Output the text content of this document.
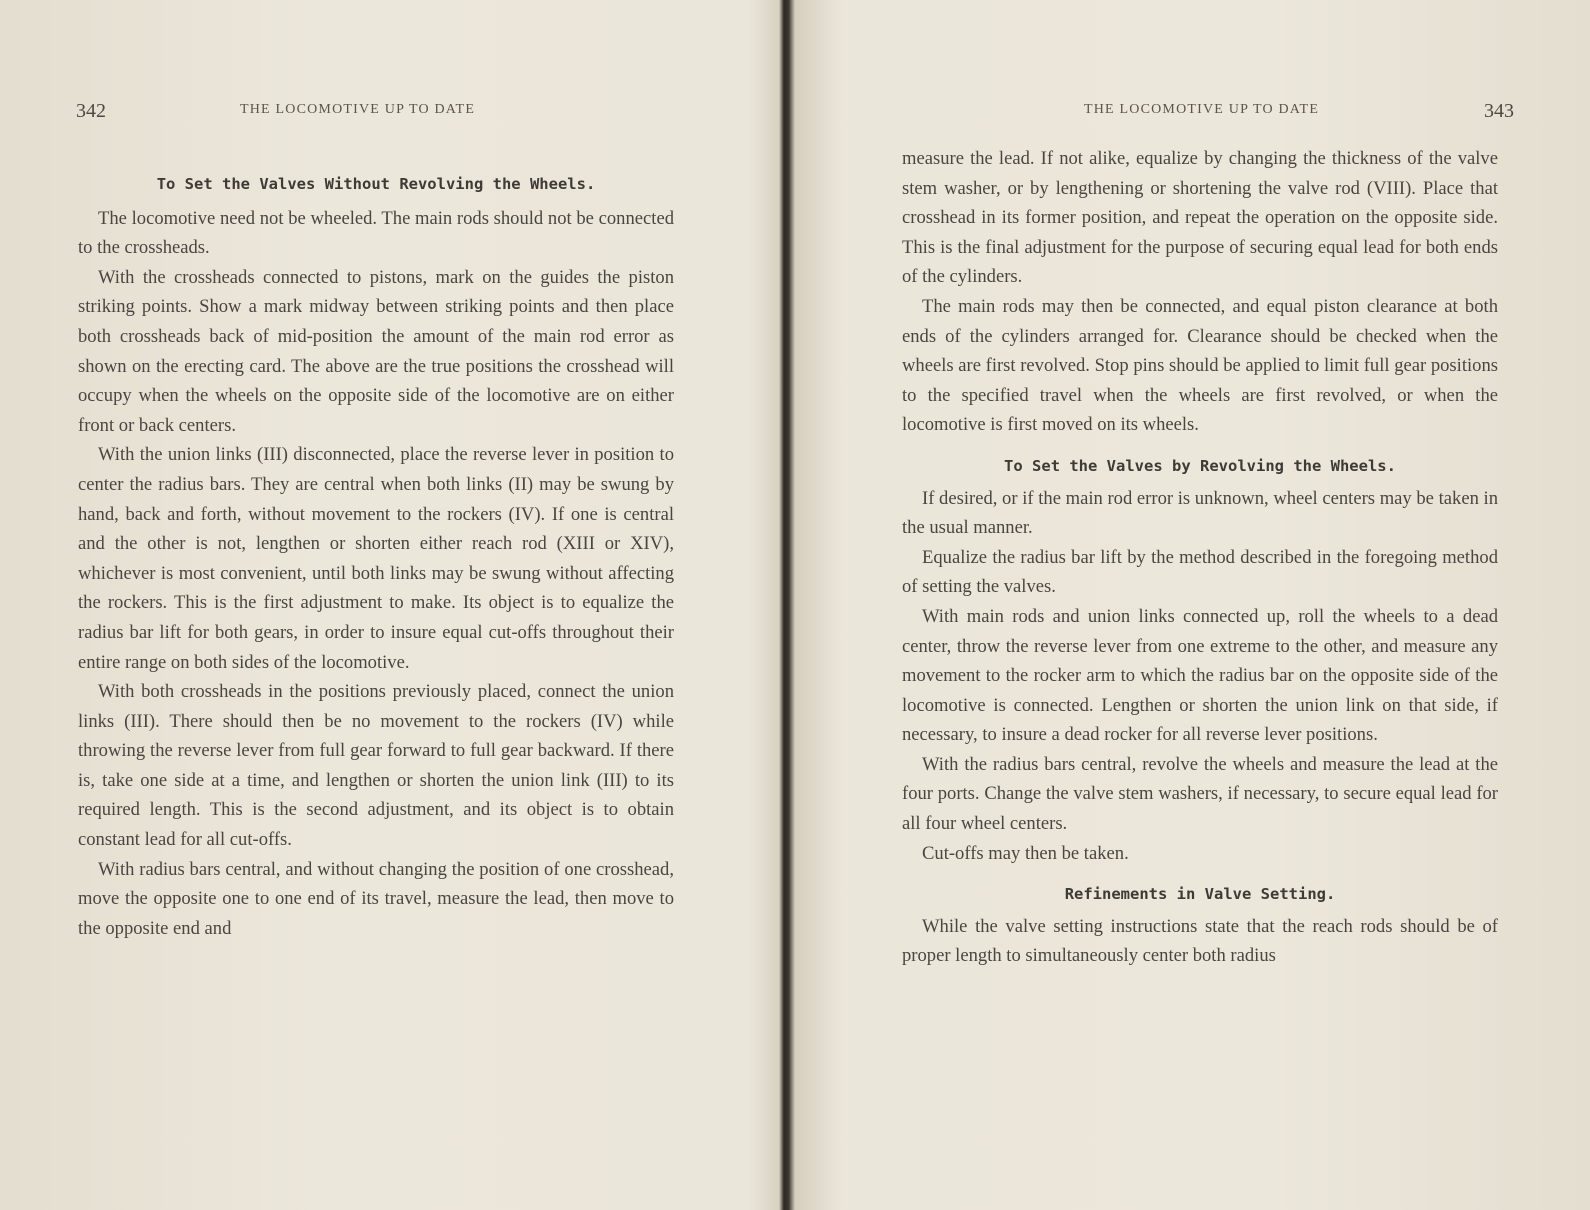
342	THE LOCOMOTIVE UP TO DATE
To Set the Valves Without Revolving the Wheels.

The locomotive need not be wheeled. The main rods should not be connected to the crossheads.

With the crossheads connected to pistons, mark on the guides the piston striking points. Show a mark midway between striking points and then place both crossheads back of mid-position the amount of the main rod error as shown on the erecting card. The above are the true positions the crosshead will occupy when the wheels on the opposite side of the locomotive are on either front or back centers.

With the union links (III) disconnected, place the reverse lever in position to center the radius bars. They are central when both links (II) may be swung by hand, back and forth, without movement to the rockers (IV). If one is central and the other is not, lengthen or shorten either reach rod (XIII or XIV), whichever is most convenient, until both links may be swung without affecting the rockers. This is the first adjustment to make. Its object is to equalize the radius bar lift for both gears, in order to insure equal cut-offs throughout their entire range on both sides of the locomotive.

With both crossheads in the positions previously placed, connect the union links (III). There should then be no movement to the rockers (IV) while throwing the reverse lever from full gear forward to full gear backward. If there is, take one side at a time, and lengthen or shorten the union link (III) to its required length. This is the second adjustment, and its object is to obtain constant lead for all cut-offs.

With radius bars central, and without changing the position of one crosshead, move the opposite one to one end of its travel, measure the lead, then move to the opposite end and

THE LOCOMOTIVE UP TO DATE	343

measure the lead. If not alike, equalize by changing the thickness of the valve stem washer, or by lengthening or shortening the valve rod (VIII). Place that crosshead in its former position, and repeat the operation on the opposite side. This is the final adjustment for the purpose of securing equal lead for both ends of the cylinders.

The main rods may then be connected, and equal piston clearance at both ends of the cylinders arranged for. Clearance should be checked when the wheels are first revolved. Stop pins should be applied to limit full gear positions to the specified travel when the wheels are first revolved, or when the locomotive is first moved on its wheels.

To Set the Valves by Revolving the Wheels.

If desired, or if the main rod error is unknown, wheel centers may be taken in the usual manner.

Equalize the radius bar lift by the method described in the foregoing method of setting the valves.

With main rods and union links connected up, roll the wheels to a dead center, throw the reverse lever from one extreme to the other, and measure any movement to the rocker arm to which the radius bar on the opposite side of the locomotive is connected. Lengthen or shorten the union link on that side, if necessary, to insure a dead rocker for all reverse lever positions.

With the radius bars central, revolve the wheels and measure the lead at the four ports. Change the valve stem washers, if necessary, to secure equal lead for all four wheel centers.

Cut-offs may then be taken.

Refinements in Valve Setting.

While the valve setting instructions state that the reach rods should be of proper length to simultaneously center both radius
